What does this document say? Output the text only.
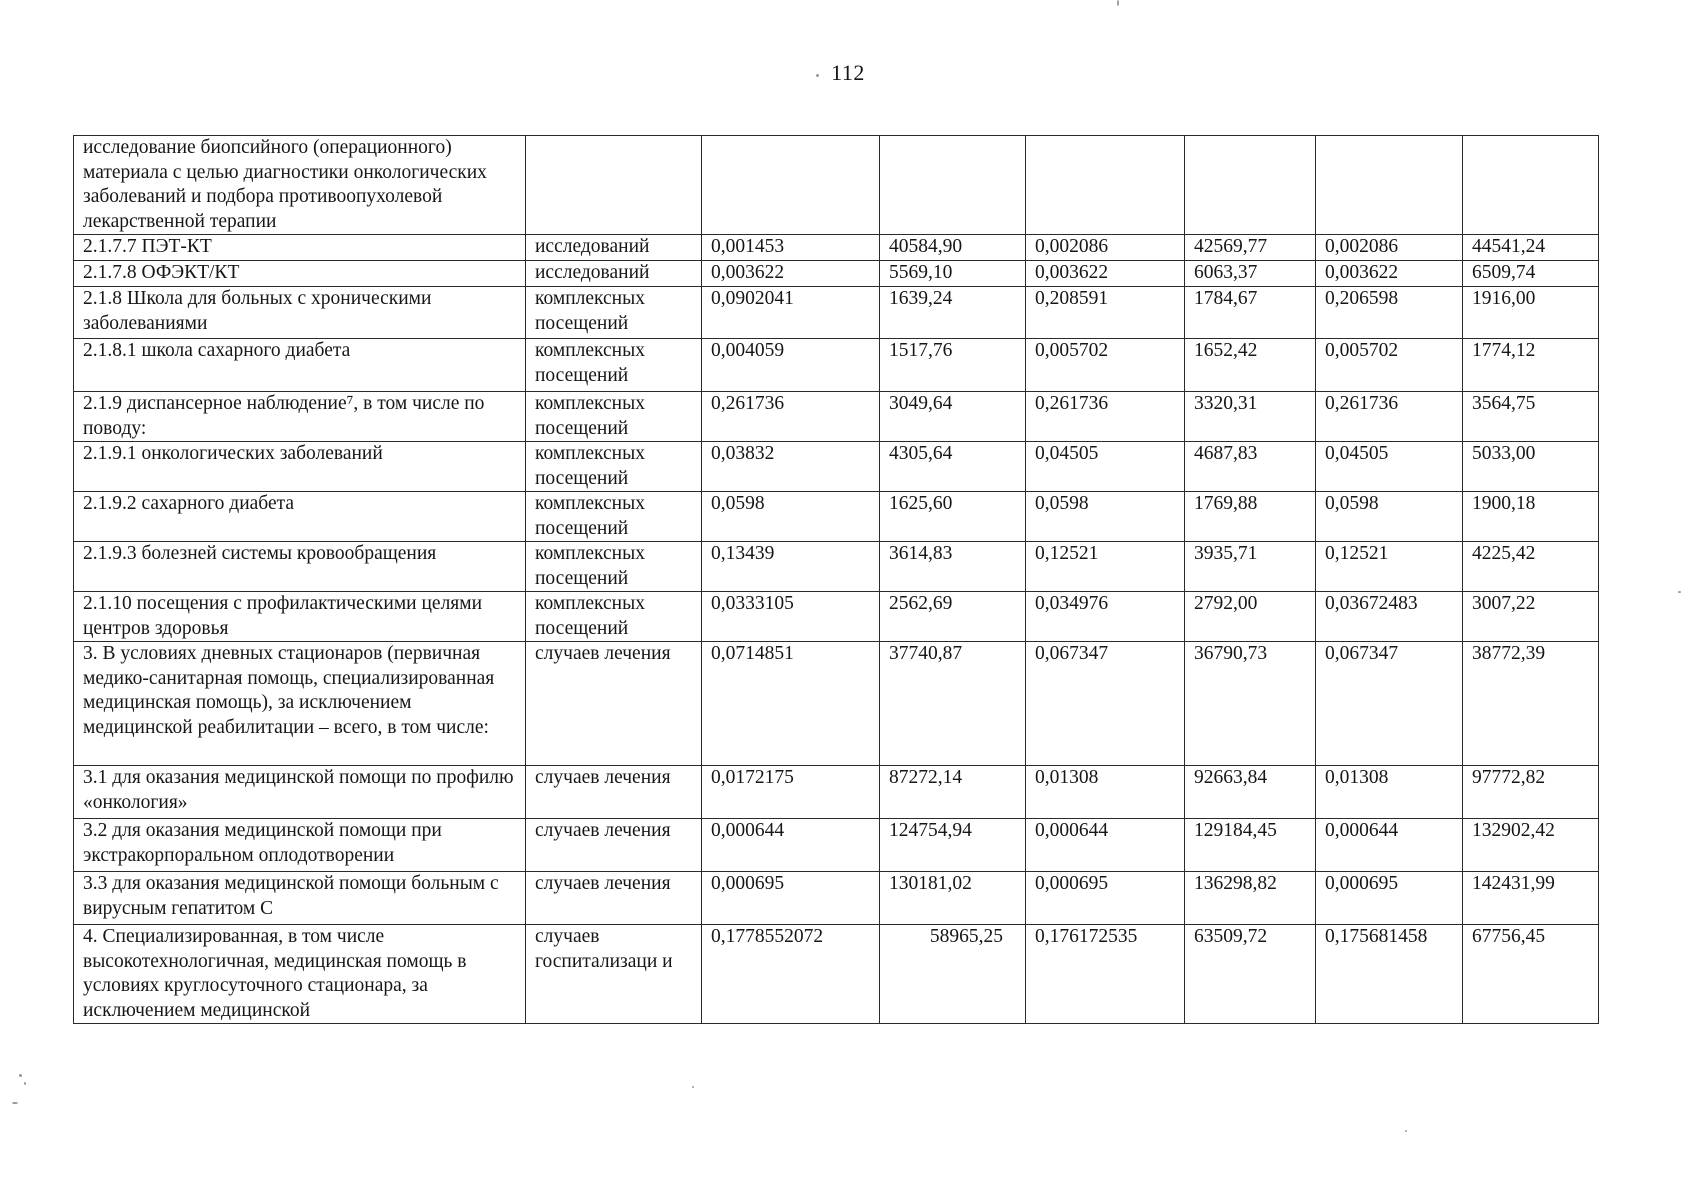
112
исследование биопсийного (операционного) материала с целью диагностики онкологических заболеваний и подбора противоопухолевой лекарственной терапии							
2.1.7.7 ПЭТ-КТ	исследований	0,001453	40584,90	0,002086	42569,77	0,002086	44541,24
2.1.7.8 ОФЭКТ/КТ	исследований	0,003622	5569,10	0,003622	6063,37	0,003622	6509,74
2.1.8 Школа для больных с хроническими заболеваниями	комплексных посещений	0,0902041	1639,24	0,208591	1784,67	0,206598	1916,00
2.1.8.1 школа сахарного диабета	комплексных посещений	0,004059	1517,76	0,005702	1652,42	0,005702	1774,12
2.1.9 диспансерное наблюдение⁷, в том числе по поводу:	комплексных посещений	0,261736	3049,64	0,261736	3320,31	0,261736	3564,75
2.1.9.1 онкологических заболеваний	комплексных посещений	0,03832	4305,64	0,04505	4687,83	0,04505	5033,00
2.1.9.2 сахарного диабета	комплексных посещений	0,0598	1625,60	0,0598	1769,88	0,0598	1900,18
2.1.9.3 болезней системы кровообращения	комплексных посещений	0,13439	3614,83	0,12521	3935,71	0,12521	4225,42
2.1.10 посещения с профилактическими целями центров здоровья	комплексных посещений	0,0333105	2562,69	0,034976	2792,00	0,03672483	3007,22
3. В условиях дневных стационаров (первичная медико-санитарная помощь, специализированная медицинская помощь), за исключением медицинской реабилитации – всего, в том числе:	случаев лечения	0,0714851	37740,87	0,067347	36790,73	0,067347	38772,39
3.1 для оказания медицинской помощи по профилю «онкология»	случаев лечения	0,0172175	87272,14	0,01308	92663,84	0,01308	97772,82
3.2 для оказания медицинской помощи при экстракорпоральном оплодотворении	случаев лечения	0,000644	124754,94	0,000644	129184,45	0,000644	132902,42
3.3 для оказания медицинской помощи больным с вирусным гепатитом С	случаев лечения	0,000695	130181,02	0,000695	136298,82	0,000695	142431,99
4. Специализированная, в том числе высокотехнологичная, медицинская помощь в условиях круглосуточного стационара, за исключением медицинской	случаев госпитализаци и	0,1778552072	58965,25	0,176172535	63509,72	0,175681458	67756,45
